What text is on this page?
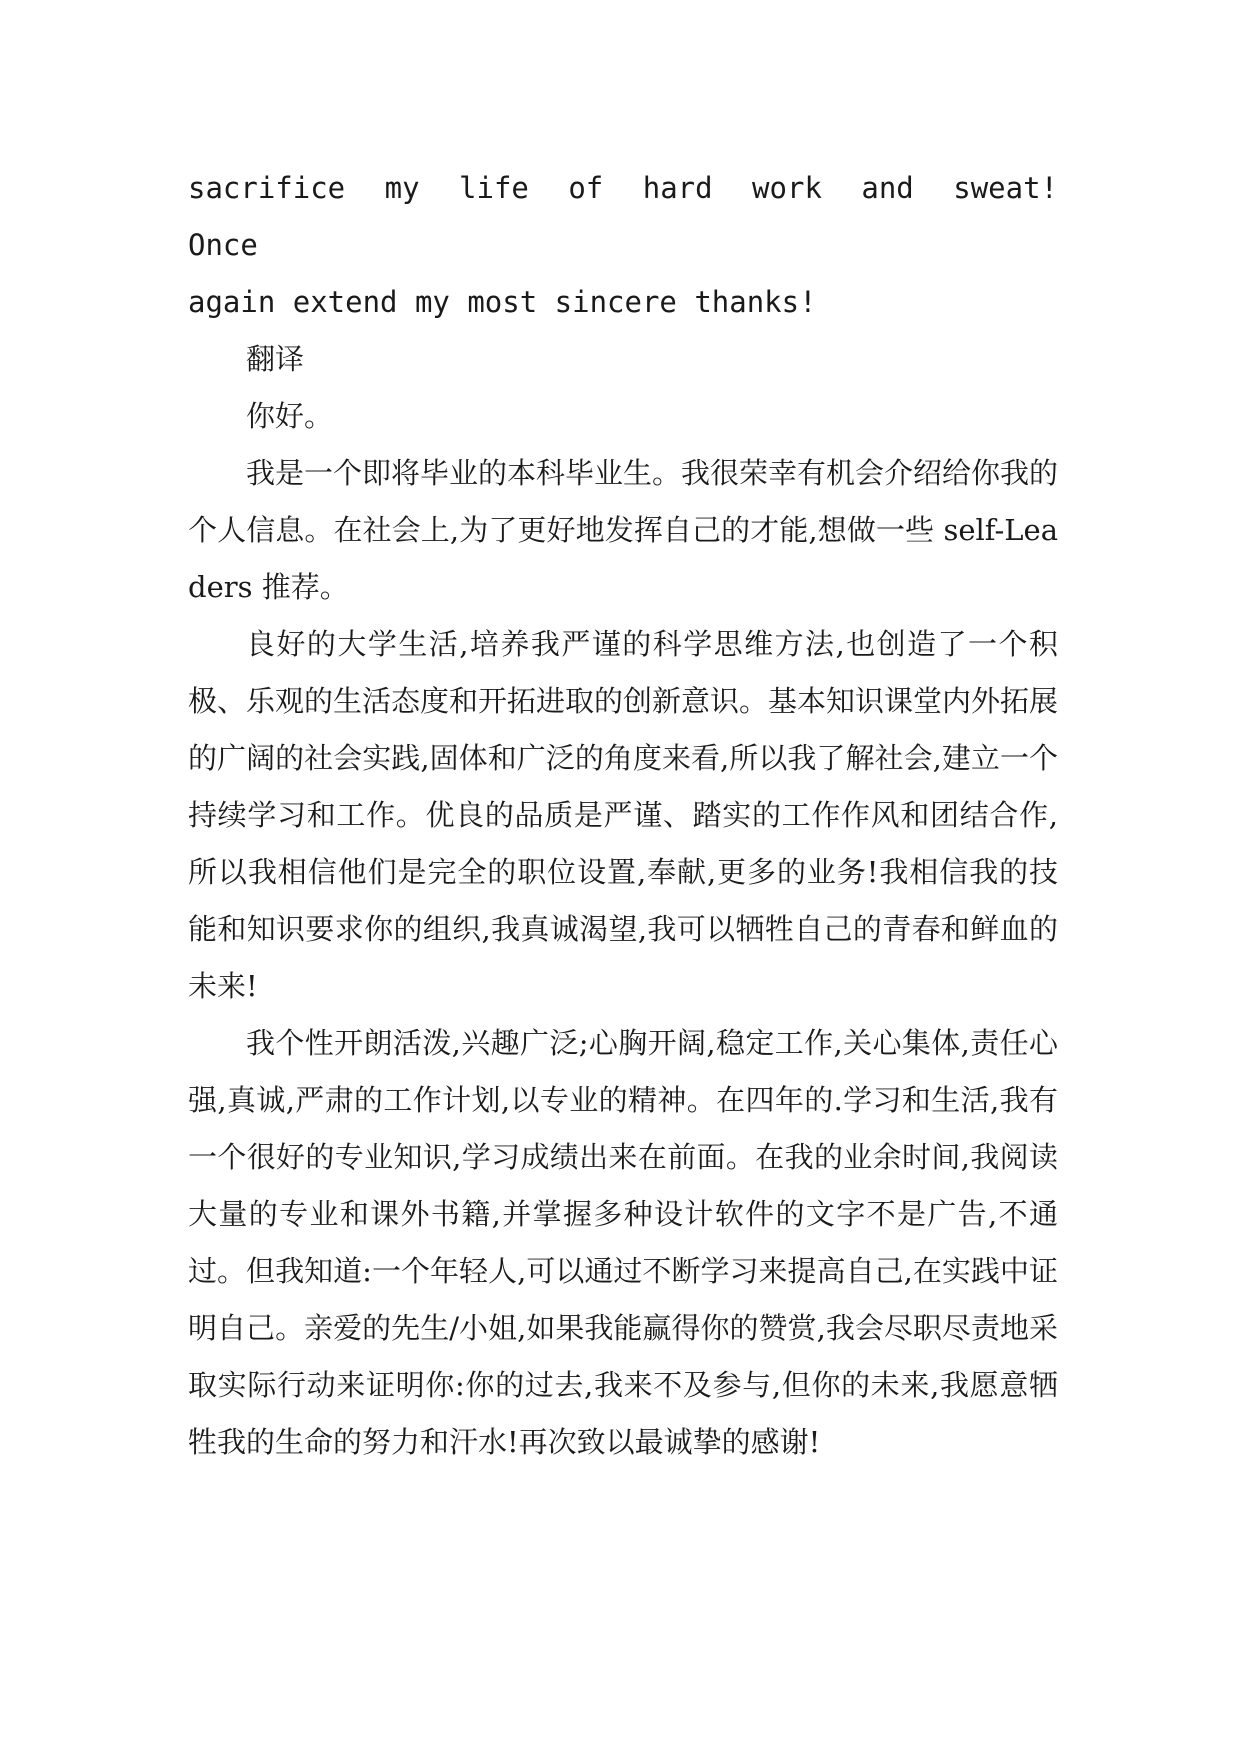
sacrifice my life of hard work and sweat! Once

again extend my most sincere thanks!

翻译

你好。

我是一个即将毕业的本科毕业生。我很荣幸有机会介绍给你我的个人信息。在社会上,为了更好地发挥自己的才能,想做一些 self-Leaders 推荐。

良好的大学生活,培养我严谨的科学思维方法,也创造了一个积极、乐观的生活态度和开拓进取的创新意识。基本知识课堂内外拓展的广阔的社会实践,固体和广泛的角度来看,所以我了解社会,建立一个持续学习和工作。优良的品质是严谨、踏实的工作作风和团结合作,所以我相信他们是完全的职位设置,奉献,更多的业务!我相信我的技能和知识要求你的组织,我真诚渴望,我可以牺牲自己的青春和鲜血的未来!

我个性开朗活泼,兴趣广泛;心胸开阔,稳定工作,关心集体,责任心强,真诚,严肃的工作计划,以专业的精神。在四年的.学习和生活,我有一个很好的专业知识,学习成绩出来在前面。在我的业余时间,我阅读大量的专业和课外书籍,并掌握多种设计软件的文字不是广告,不通过。但我知道:一个年轻人,可以通过不断学习来提高自己,在实践中证明自己。亲爱的先生/小姐,如果我能赢得你的赞赏,我会尽职尽责地采取实际行动来证明你:你的过去,我来不及参与,但你的未来,我愿意牺牲我的生命的努力和汗水!再次致以最诚挚的感谢!
